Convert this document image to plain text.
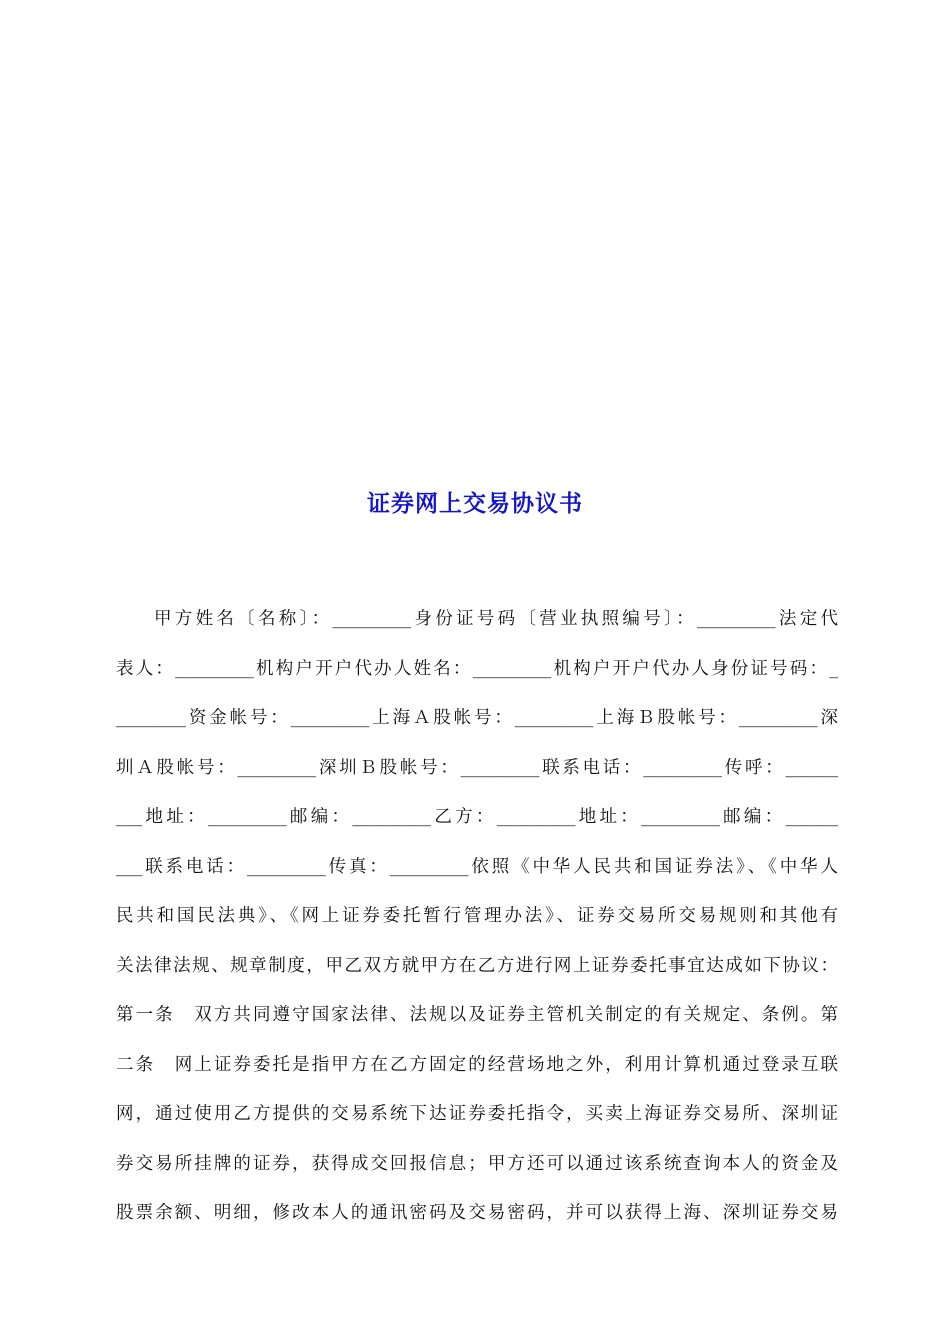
证券网上交易协议书
甲方姓名〔名称〕：_________身份证号码〔营业执照编号〕：_________法定代
表人：_________机构户开户代办人姓名：_________机构户开户代办人身份证号码：_
________资金帐号：_________上海Ａ股帐号：_________上海Ｂ股帐号：_________深
圳Ａ股帐号：_________深圳Ｂ股帐号：_________联系电话：_________传呼：______
___地址：_________邮编：_________乙方：_________地址：_________邮编：______
___联系电话：_________传真：_________依照《中华人民共和国证券法》、《中华人
民共和国民法典》、《网上证券委托暂行管理办法》、证券交易所交易规则和其他有
关法律法规、规章制度，甲乙双方就甲方在乙方进行网上证券委托事宜达成如下协议：
第一条　双方共同遵守国家法律、法规以及证券主管机关制定的有关规定、条例。第
二条　网上证券委托是指甲方在乙方固定的经营场地之外，利用计算机通过登录互联
网，通过使用乙方提供的交易系统下达证券委托指令，买卖上海证券交易所、深圳证
券交易所挂牌的证券，获得成交回报信息；甲方还可以通过该系统查询本人的资金及
股票余额、明细，修改本人的通讯密码及交易密码，并可以获得上海、深圳证券交易
